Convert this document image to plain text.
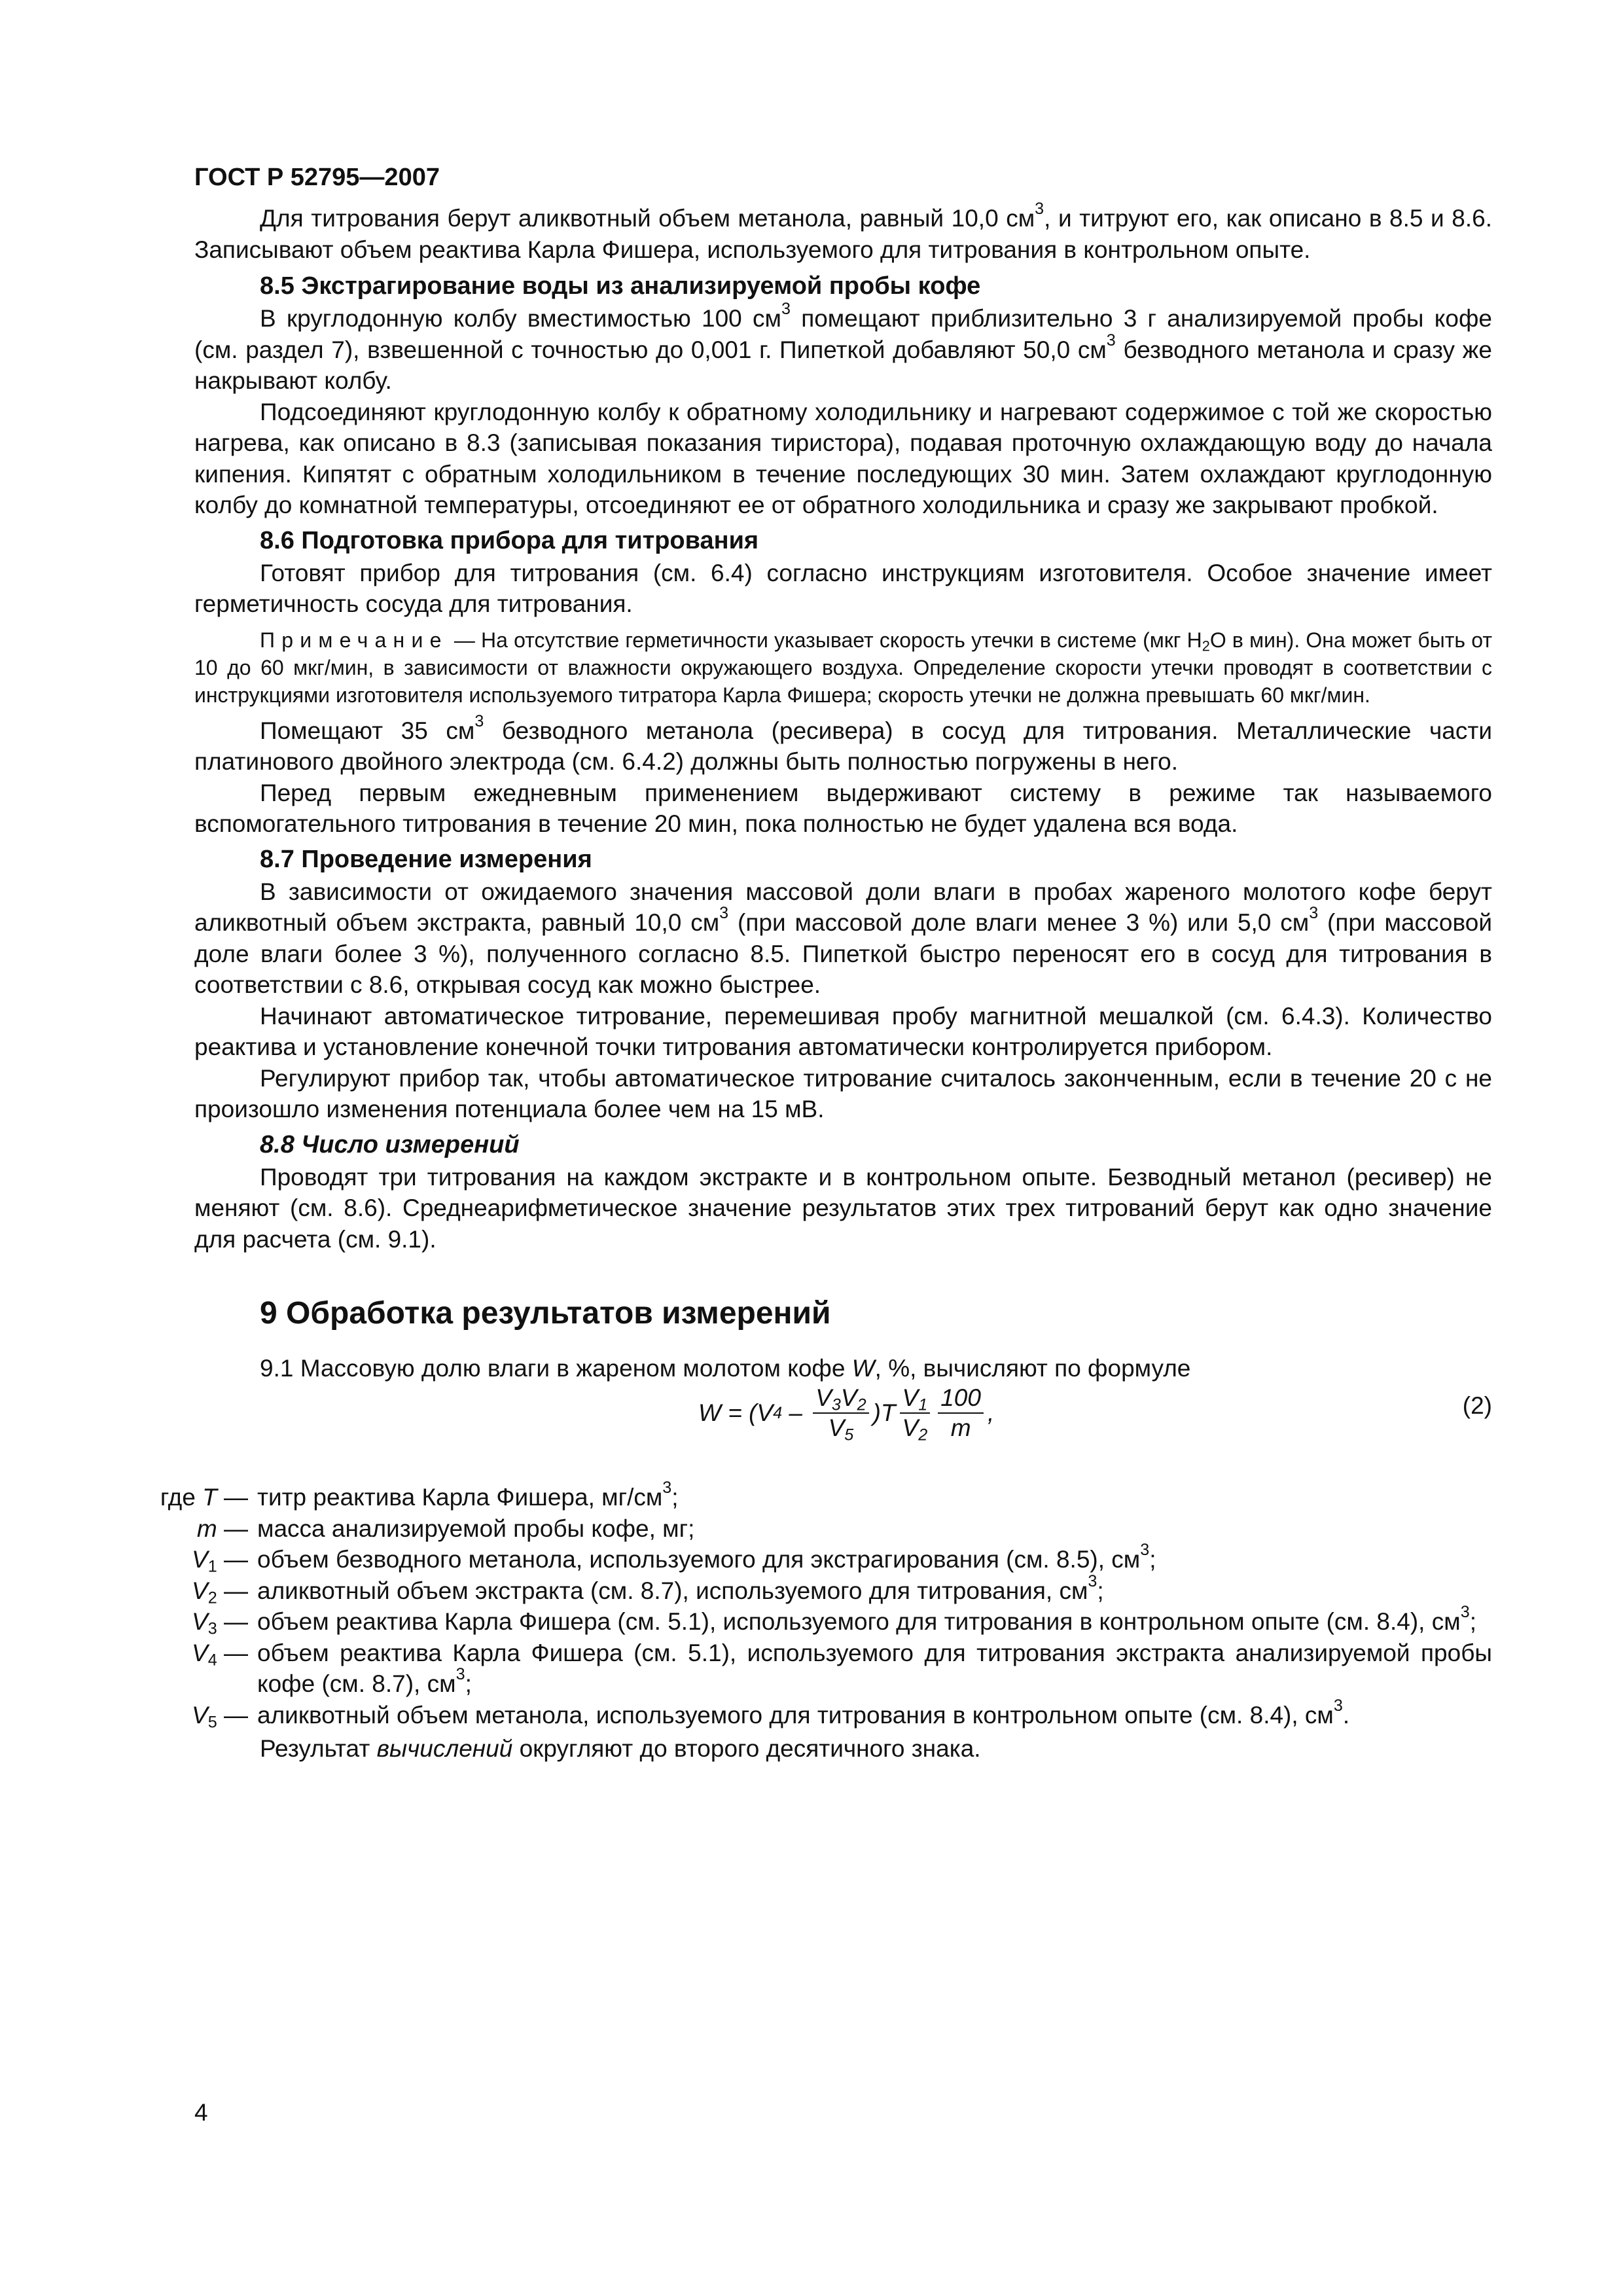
ГОСТ Р 52795—2007

Для титрования берут аликвотный объем метанола, равный 10,0 $см^3$, и титруют его, как описано в 8.5 и 8.6. Записывают объем реактива Карла Фишера, используемого для титрования в контрольном опыте.

8.5 Экстрагирование воды из анализируемой пробы кофе

В круглодонную колбу вместимостью 100 $см^3$ помещают приблизительно 3 г анализируемой пробы кофе (см. раздел 7), взвешенной с точностью до 0,001 г. Пипеткой добавляют 50,0 $см^3$ безводного метанола и сразу же накрывают колбу.

Подсоединяют круглодонную колбу к обратному холодильнику и нагревают содержимое с той же скоростью нагрева, как описано в 8.3 (записывая показания тиристора), подавая проточную охлаждающую воду до начала кипения. Кипятят с обратным холодильником в течение последующих 30 мин. Затем охлаждают круглодонную колбу до комнатной температуры, отсоединяют ее от обратного холодильника и сразу же закрывают пробкой.

8.6 Подготовка прибора для титрования

Готовят прибор для титрования (см. 6.4) согласно инструкциям изготовителя. Особое значение имеет герметичность сосуда для титрования.

Примечание — На отсутствие герметичности указывает скорость утечки в системе (мкг $H_2O$ в мин). Она может быть от 10 до 60 мкг/мин, в зависимости от влажности окружающего воздуха. Определение скорости утечки проводят в соответствии с инструкциями изготовителя используемого титратора Карла Фишера; скорость утечки не должна превышать 60 мкг/мин.

Помещают 35 $см^3$ безводного метанола (ресивера) в сосуд для титрования. Металлические части платинового двойного электрода (см. 6.4.2) должны быть полностью погружены в него.

Перед первым ежедневным применением выдерживают систему в режиме так называемого вспомогательного титрования в течение 20 мин, пока полностью не будет удалена вся вода.

8.7 Проведение измерения

В зависимости от ожидаемого значения массовой доли влаги в пробах жареного молотого кофе берут аликвотный объем экстракта, равный 10,0 $см^3$ (при массовой доле влаги менее 3 %) или 5,0 $см^3$ (при массовой доле влаги более 3 %), полученного согласно 8.5. Пипеткой быстро переносят его в сосуд для титрования в соответствии с 8.6, открывая сосуд как можно быстрее.

Начинают автоматическое титрование, перемешивая пробу магнитной мешалкой (см. 6.4.3). Количество реактива и установление конечной точки титрования автоматически контролируется прибором.

Регулируют прибор так, чтобы автоматическое титрование считалось законченным, если в течение 20 с не произошло изменения потенциала более чем на 15 мВ.

8.8 Число измерений

Проводят три титрования на каждом экстракте и в контрольном опыте. Безводный метанол (ресивер) не меняют (см. 8.6). Среднеарифметическое значение результатов этих трех титрований берут как одно значение для расчета (см. 9.1).

9 Обработка результатов измерений

9.1 Массовую долю влаги в жареном молотом кофе W, %, вычисляют по формуле

W = (V $4 - \frac{V_3V_2}{V_5} )T \frac{V_1}{V_2} \frac{100}{m}$ ,	(2)
где T — титр реактива Карла Фишера, $мг/см^3$;
m — масса анализируемой пробы кофе, мг;
$V_1$ — объем безводного метанола, используемого для экстрагирования (см. 8.5), $см^3$;
$V_2$ — аликвотный объем экстракта (см. 8.7), используемого для титрования, $см^3$;
$V_3$ — объем реактива Карла Фишера (см. 5.1), используемого для титрования в контрольном опыте (см. 8.4), $см^3$;
$V_4$ — объем реактива Карла Фишера (см. 5.1), используемого для титрования экстракта анализируемой пробы кофе (см. 8.7), $см^3$;
$V_5$ — аликвотный объем метанола, используемого для титрования в контрольном опыте (см. 8.4), $см^3$.

Результат вычислений округляют до второго десятичного знака.

4
